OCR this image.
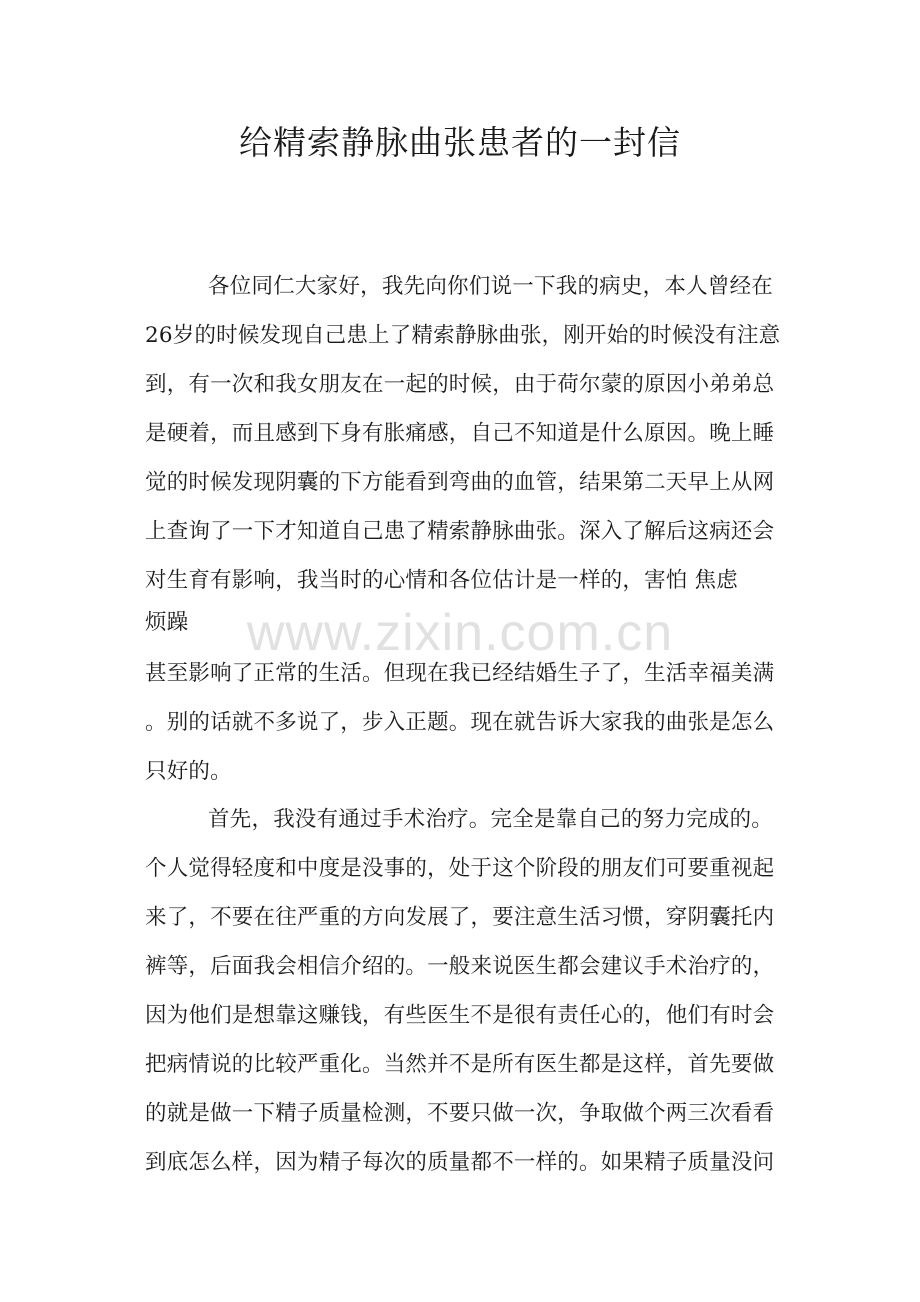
给精索静脉曲张患者的一封信
www.zixin.com.cn
各位同仁大家好，我先向你们说一下我的病史，本人曾经在
26岁的时候发现自己患上了精索静脉曲张，刚开始的时候没有注意
到，有一次和我女朋友在一起的时候，由于荷尔蒙的原因小弟弟总
是硬着，而且感到下身有胀痛感，自己不知道是什么原因。晚上睡
觉的时候发现阴囊的下方能看到弯曲的血管，结果第二天早上从网
上查询了一下才知道自己患了精索静脉曲张。深入了解后这病还会
对生育有影响，我当时的心情和各位估计是一样的，害怕 焦虑
烦躁
甚至影响了正常的生活。但现在我已经结婚生子了，生活幸福美满
。别的话就不多说了，步入正题。现在就告诉大家我的曲张是怎么
只好的。
首先，我没有通过手术治疗。完全是靠自己的努力完成的。
个人觉得轻度和中度是没事的，处于这个阶段的朋友们可要重视起
来了，不要在往严重的方向发展了，要注意生活习惯，穿阴囊托内
裤等，后面我会相信介绍的。一般来说医生都会建议手术治疗的，
因为他们是想靠这赚钱，有些医生不是很有责任心的，他们有时会
把病情说的比较严重化。当然并不是所有医生都是这样，首先要做
的就是做一下精子质量检测，不要只做一次，争取做个两三次看看
到底怎么样，因为精子每次的质量都不一样的。如果精子质量没问
